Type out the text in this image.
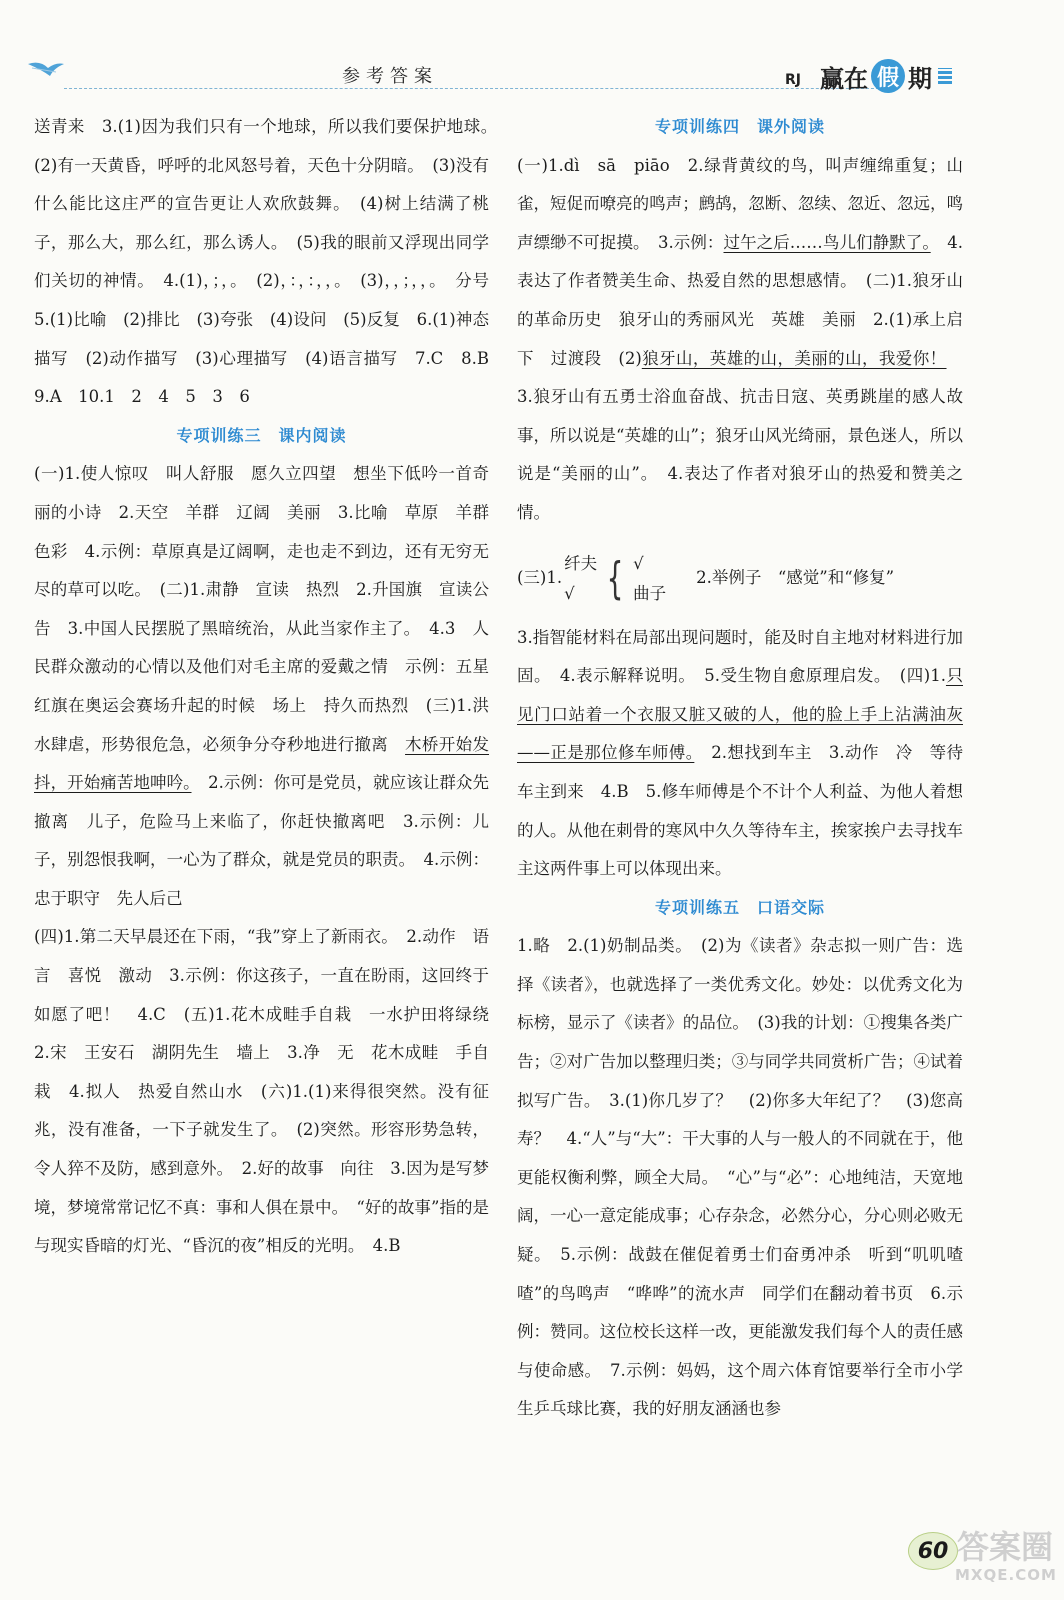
参考答案	RJ 赢在 假 期

送青来　3.(1)因为我们只有一个地球，所以我们要保护地球。　(2)有一天黄昏，呼呼的北风怒号着，天色十分阴暗。　(3)没有什么能比这庄严的宣告更让人欢欣鼓舞。　(4)树上结满了桃子，那么大，那么红，那么诱人。　(5)我的眼前又浮现出同学们关切的神情。　4.(1)，；，。　(2)，：，：，，。　(3)，，；，，。　分号　5.(1)比喻　(2)排比　(3)夸张　(4)设问　(5)反复　6.(1)神态描写　(2)动作描写　(3)心理描写　(4)语言描写　7.C　8.B　9.A　10.1　2　4　5　3　6

专项训练三　课内阅读

(一)1.使人惊叹　叫人舒服　愿久立四望　想坐下低吟一首奇丽的小诗　2.天空　羊群　辽阔　美丽　3.比喻　草原　羊群　色彩　4.示例：草原真是辽阔啊，走也走不到边，还有无穷无尽的草可以吃。　(二)1.肃静　宣读　热烈　2.升国旗　宣读公告　3.中国人民摆脱了黑暗统治，从此当家作主了。　4.3　人民群众激动的心情以及他们对毛主席的爱戴之情　示例：五星红旗在奥运会赛场升起的时候　场上　持久而热烈　(三)1.洪水肆虐，形势很危急，必须争分夺秒地进行撤离　木桥开始发抖，开始痛苦地呻吟。　2.示例：你可是党员，就应该让群众先撤离　儿子，危险马上来临了，你赶快撤离吧　3.示例：儿子，别怨恨我啊，一心为了群众，就是党员的职责。　4.示例：忠于职守　先人后己

(四)1.第二天早晨还在下雨，“我”穿上了新雨衣。　2.动作　语言　喜悦　激动　3.示例：你这孩子，一直在盼雨，这回终于如愿了吧！　4.C　(五)1.花木成畦手自栽　一水护田将绿绕　2.宋　王安石　湖阴先生　墙上　3.净　无　花木成畦　手自栽　4.拟人　热爱自然山水　(六)1.(1)来得很突然。没有征兆，没有准备，一下子就发生了。　(2)突然。形容形势急转，令人猝不及防，感到意外。　2.好的故事　向往　3.因为是写梦境，梦境常常记忆不真：事和人俱在景中。　“好的故事”指的是与现实昏暗的灯光、“昏沉的夜”相反的光明。　4.B

专项训练四　课外阅读

(一)1.dì　sā　piāo　2.绿背黄纹的鸟，叫声缠绵重复；山雀，短促而嘹亮的鸣声；鹧鸪，忽断、忽续、忽近、忽远，鸣声缥缈不可捉摸。　3.示例：过午之后……鸟儿们静默了。　4.表达了作者赞美生命、热爱自然的思想感情。　(二)1.狼牙山的革命历史　狼牙山的秀丽风光　英雄　美丽　2.(1)承上启下　过渡段　(2)狼牙山，英雄的山，美丽的山，我爱你！　3.狼牙山有五勇士浴血奋战、抗击日寇、英勇跳崖的感人故事，所以说是“英雄的山”；狼牙山风光绮丽，景色迷人，所以说是“美丽的山”。　4.表达了作者对狼牙山的热爱和赞美之情。

(三)1.
纤夫
√ { √
曲子
2.举例子　“感觉”和“修复”

3.指智能材料在局部出现问题时，能及时自主地对材料进行加固。　4.表示解释说明。　5.受生物自愈原理启发。　(四)1.只见门口站着一个衣服又脏又破的人，他的脸上手上沾满油灰——正是那位修车师傅。　2.想找到车主　3.动作　冷　等待车主到来　4.B　5.修车师傅是个不计个人利益、为他人着想的人。从他在刺骨的寒风中久久等待车主，挨家挨户去寻找车主这两件事上可以体现出来。

专项训练五　口语交际

1.略　2.(1)奶制品类。　(2)为《读者》杂志拟一则广告：选择《读者》，也就选择了一类优秀文化。妙处：以优秀文化为标榜，显示了《读者》的品位。　(3)我的计划：①搜集各类广告；②对广告加以整理归类；③与同学共同赏析广告；④试着拟写广告。　3.(1)你几岁了？　(2)你多大年纪了？　(3)您高寿？　4.“人”与“大”：干大事的人与一般人的不同就在于，他更能权衡利弊，顾全大局。　“心”与“必”：心地纯洁，天宽地阔，一心一意定能成事；心存杂念，必然分心，分心则必败无疑。　5.示例：战鼓在催促着勇士们奋勇冲杀　听到“叽叽喳喳”的鸟鸣声　“哗哗”的流水声　同学们在翻动着书页　6.示例：赞同。这位校长这样一改，更能激发我们每个人的责任感与使命感。　7.示例：妈妈，这个周六体育馆要举行全市小学生乒乓球比赛，我的好朋友涵涵也参

60 答案圈
MXQE.COM
